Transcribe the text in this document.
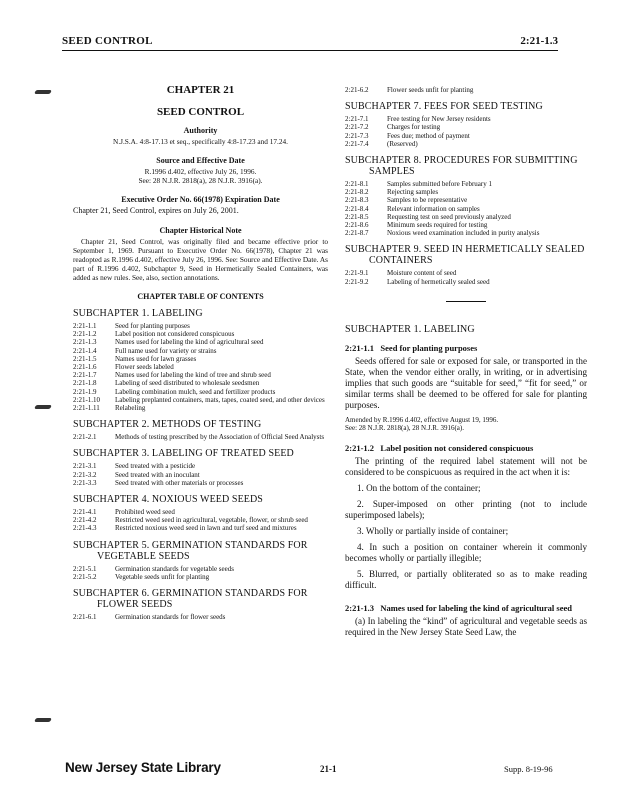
SEED CONTROL	2:21-1.3
CHAPTER 21
SEED CONTROL
Authority
N.J.S.A. 4:8-17.13 et seq., specifically 4:8-17.23 and 17.24.
Source and Effective Date
R.1996 d.402, effective July 26, 1996.
See: 28 N.J.R. 2818(a), 28 N.J.R. 3916(a).
Executive Order No. 66(1978) Expiration Date
Chapter 21, Seed Control, expires on July 26, 2001.
Chapter Historical Note
Chapter 21, Seed Control, was originally filed and became effective prior to September 1, 1969. Pursuant to Executive Order No. 66(1978), Chapter 21 was readopted as R.1996 d.402, effective July 26, 1996. See: Source and Effective Date. As part of R.1996 d.402, Subchapter 9, Seed in Hermetically Sealed Containers, was added as new rules. See, also, section annotations.
CHAPTER TABLE OF CONTENTS
SUBCHAPTER 1. LABELING
2:21-1.1	Seed for planting purposes
2:21-1.2	Label position not considered conspicuous
2:21-1.3	Names used for labeling the kind of agricultural seed
2:21-1.4	Full name used for variety or strains
2:21-1.5	Names used for lawn grasses
2:21-1.6	Flower seeds labeled
2:21-1.7	Names used for labeling the kind of tree and shrub seed
2:21-1.8	Labeling of seed distributed to wholesale seedsmen
2:21-1.9	Labeling combination mulch, seed and fertilizer products
2:21-1.10	Labeling preplanted containers, mats, tapes, coated seed, and other devices
2:21-1.11	Relabeling
SUBCHAPTER 2. METHODS OF TESTING
2:21-2.1	Methods of testing prescribed by the Association of Official Seed Analysts
SUBCHAPTER 3. LABELING OF TREATED SEED
2:21-3.1	Seed treated with a pesticide
2:21-3.2	Seed treated with an inoculant
2:21-3.3	Seed treated with other materials or processes
SUBCHAPTER 4. NOXIOUS WEED SEEDS
2:21-4.1	Prohibited weed seed
2:21-4.2	Restricted weed seed in agricultural, vegetable, flower, or shrub seed
2:21-4.3	Restricted noxious weed seed in lawn and turf seed and mixtures
SUBCHAPTER 5. GERMINATION STANDARDS FOR
VEGETABLE SEEDS
2:21-5.1	Germination standards for vegetable seeds
2:21-5.2	Vegetable seeds unfit for planting
SUBCHAPTER 6. GERMINATION STANDARDS FOR
FLOWER SEEDS
2:21-6.1	Germination standards for flower seeds
2:21-6.2	Flower seeds unfit for planting
SUBCHAPTER 7. FEES FOR SEED TESTING
2:21-7.1	Free testing for New Jersey residents
2:21-7.2	Charges for testing
2:21-7.3	Fees due; method of payment
2:21-7.4	(Reserved)
SUBCHAPTER 8. PROCEDURES FOR SUBMITTING
SAMPLES
2:21-8.1	Samples submitted before February 1
2:21-8.2	Rejecting samples
2:21-8.3	Samples to be representative
2:21-8.4	Relevant information on samples
2:21-8.5	Requesting test on seed previously analyzed
2:21-8.6	Minimum seeds required for testing
2:21-8.7	Noxious weed examination included in purity analysis
SUBCHAPTER 9. SEED IN HERMETICALLY SEALED
CONTAINERS
2:21-9.1	Moisture content of seed
2:21-9.2	Labeling of hermetically sealed seed
SUBCHAPTER 1. LABELING
2:21-1.1 Seed for planting purposes
Seeds offered for sale or exposed for sale, or transported in the State, when the vendor either orally, in writing, or in advertising implies that such goods are “suitable for seed,” “fit for seed,” or similar terms shall be deemed to be offered for sale for planting purposes.
Amended by R.1996 d.402, effective August 19, 1996.
See: 28 N.J.R. 2818(a), 28 N.J.R. 3916(a).
2:21-1.2 Label position not considered conspicuous
The printing of the required label statement will not be considered to be conspicuous as required in the act when it is:
1. On the bottom of the container;
2. Super-imposed on other printing (not to include superimposed labels);
3. Wholly or partially inside of container;
4. In such a position on container wherein it commonly becomes wholly or partially illegible;
5. Blurred, or partially obliterated so as to make reading difficult.
2:21-1.3 Names used for labeling the kind of agricultural seed
(a) In labeling the “kind” of agricultural and vegetable seeds as required in the New Jersey State Seed Law, the
New Jersey State Library	21-1	Supp. 8-19-96
